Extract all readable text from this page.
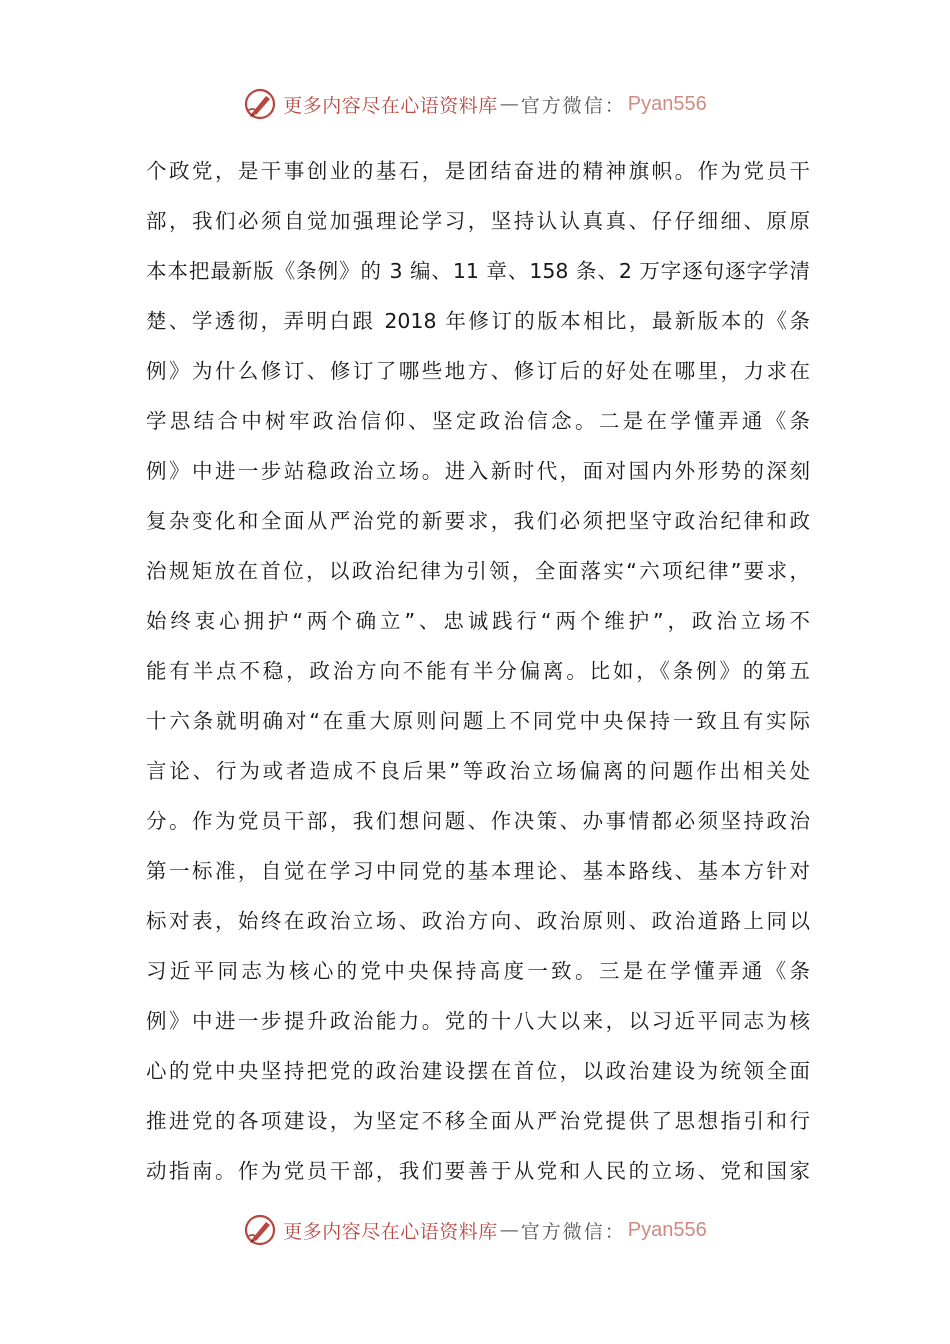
更多内容尽在心语资料库 — 官方微信： Pyan556
个政党，是干事创业的基石，是团结奋进的精神旗帜。作为党员干
部，我们必须自觉加强理论学习，坚持认认真真、仔仔细细、原原
本本把最新版《条例》的 3 编、11 章、158 条、2 万字逐句逐字学清
楚、学透彻，弄明白跟 2018 年修订的版本相比，最新版本的《条
例》为什么修订、修订了哪些地方、修订后的好处在哪里，力求在
学思结合中树牢政治信仰、坚定政治信念。二是在学懂弄通《条
例》中进一步站稳政治立场。进入新时代，面对国内外形势的深刻
复杂变化和全面从严治党的新要求，我们必须把坚守政治纪律和政
治规矩放在首位，以政治纪律为引领，全面落实“六项纪律”要求，
始终衷心拥护“两个确立”、忠诚践行“两个维护”，政治立场不
能有半点不稳，政治方向不能有半分偏离。比如，《条例》的第五
十六条就明确对“在重大原则问题上不同党中央保持一致且有实际
言论、行为或者造成不良后果”等政治立场偏离的问题作出相关处
分。作为党员干部，我们想问题、作决策、办事情都必须坚持政治
第一标准，自觉在学习中同党的基本理论、基本路线、基本方针对
标对表，始终在政治立场、政治方向、政治原则、政治道路上同以
习近平同志为核心的党中央保持高度一致。三是在学懂弄通《条
例》中进一步提升政治能力。党的十八大以来，以习近平同志为核
心的党中央坚持把党的政治建设摆在首位，以政治建设为统领全面
推进党的各项建设，为坚定不移全面从严治党提供了思想指引和行
动指南。作为党员干部，我们要善于从党和人民的立场、党和国家
更多内容尽在心语资料库 — 官方微信： Pyan556
